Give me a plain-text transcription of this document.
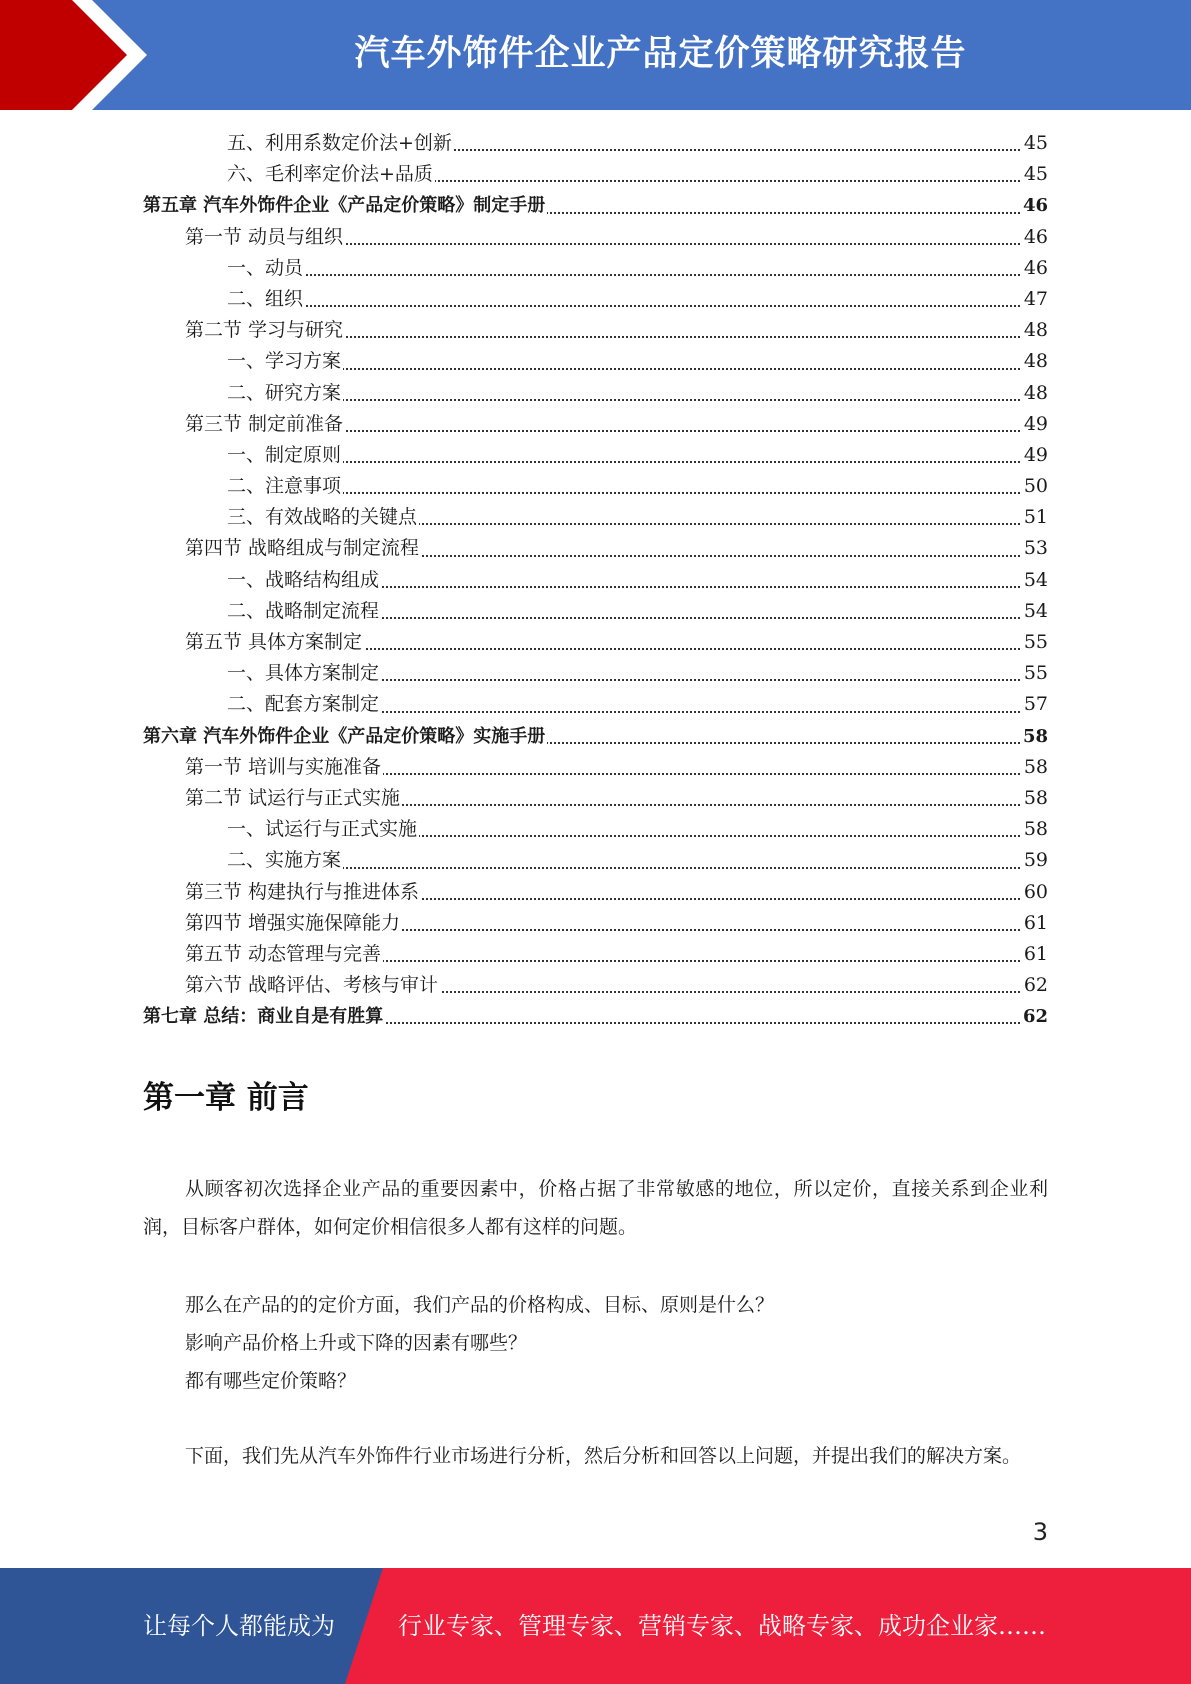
汽车外饰件企业产品定价策略研究报告
五、利用系数定价法+创新	45
六、毛利率定价法+品质	45
第五章 汽车外饰件企业《产品定价策略》制定手册	46
第一节 动员与组织	46
一、动员	46
二、组织	47
第二节 学习与研究	48
一、学习方案	48
二、研究方案	48
第三节 制定前准备	49
一、制定原则	49
二、注意事项	50
三、有效战略的关键点	51
第四节 战略组成与制定流程	53
一、战略结构组成	54
二、战略制定流程	54
第五节 具体方案制定	55
一、具体方案制定	55
二、配套方案制定	57
第六章 汽车外饰件企业《产品定价策略》实施手册	58
第一节 培训与实施准备	58
第二节 试运行与正式实施	58
一、试运行与正式实施	58
二、实施方案	59
第三节 构建执行与推进体系	60
第四节 增强实施保障能力	61
第五节 动态管理与完善	61
第六节 战略评估、考核与审计	62
第七章 总结：商业自是有胜算	62
第一章 前言
从顾客初次选择企业产品的重要因素中，价格占据了非常敏感的地位，所以定价，直接关系到企业利润，目标客户群体，如何定价相信很多人都有这样的问题。
那么在产品的的定价方面，我们产品的价格构成、目标、原则是什么？
影响产品价格上升或下降的因素有哪些？
都有哪些定价策略？
下面，我们先从汽车外饰件行业市场进行分析，然后分析和回答以上问题，并提出我们的解决方案。
3
让每个人都能成为	行业专家、管理专家、营销专家、战略专家、成功企业家……
